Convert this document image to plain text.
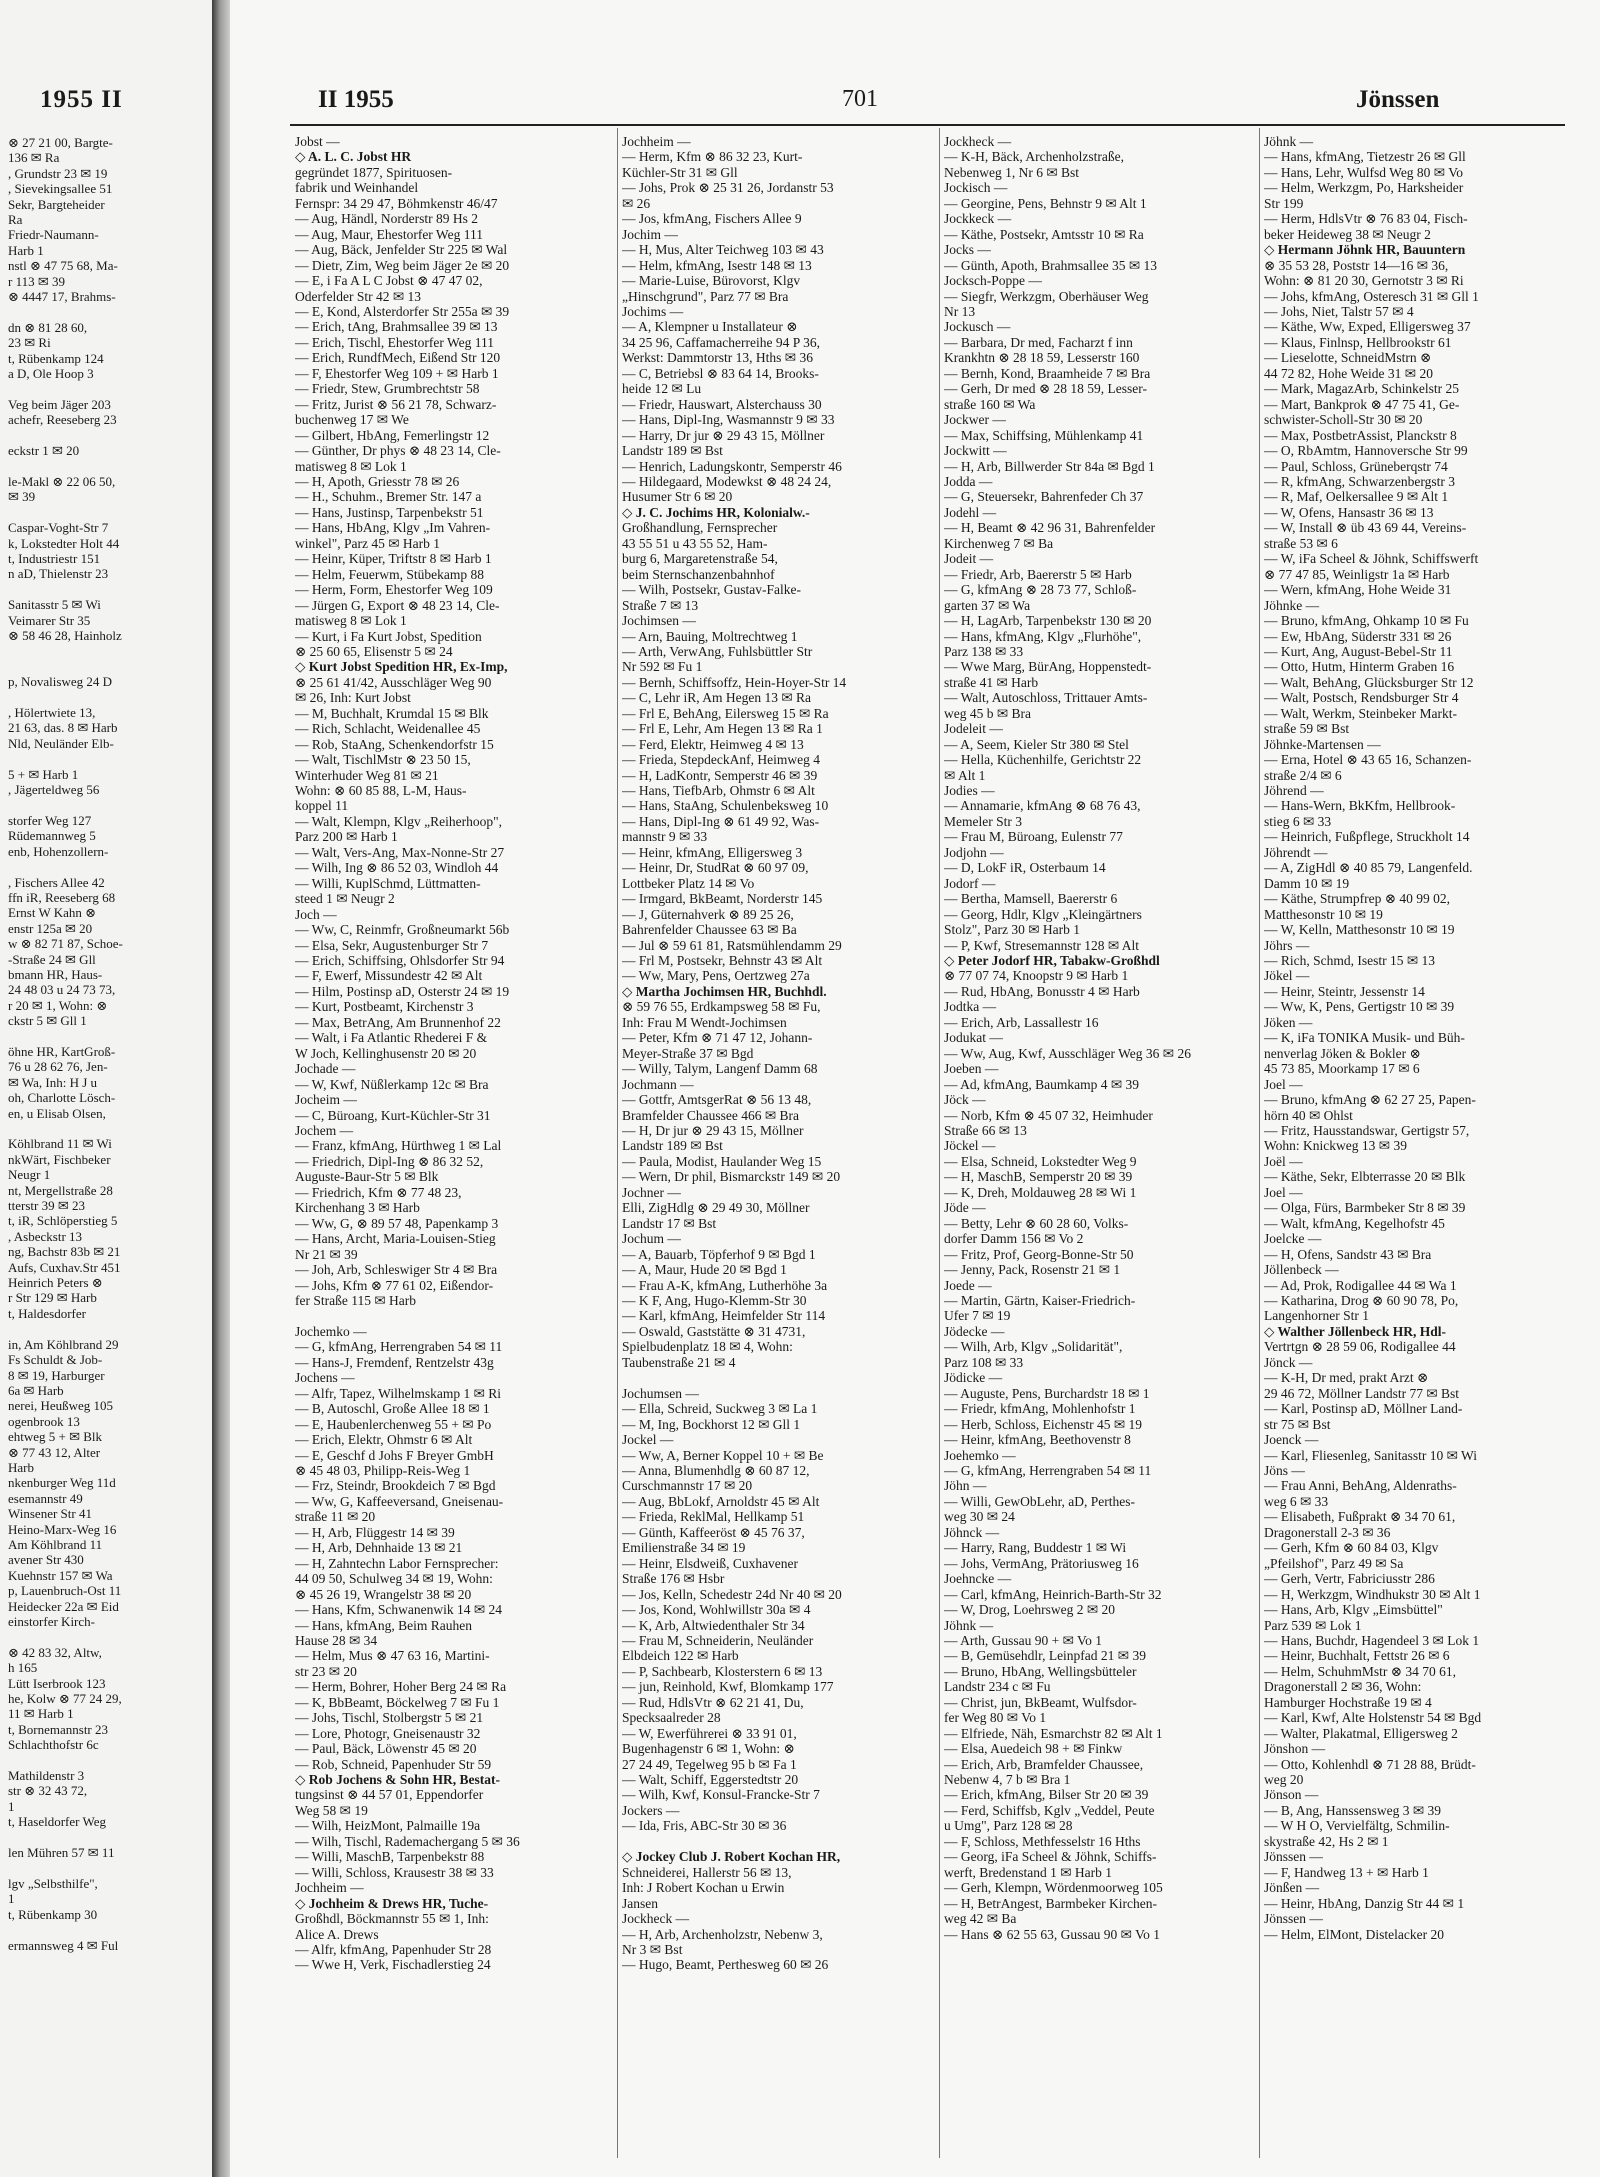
1955 II
⊗ 27 21 00, Bargte-
136 ✉ Ra
, Grundstr 23 ✉ 19
, Sievekingsallee 51
Sekr, Bargteheider
Ra
Friedr-Naumann-
Harb 1
nstl ⊗ 47 75 68, Ma-
r 113 ✉ 39
⊗ 4447 17, Brahms-

dn ⊗ 81 28 60,
23 ✉ Ri
t, Rübenkamp 124
a D, Ole Hoop 3

Veg beim Jäger 203
achefr, Reeseberg 23

eckstr 1 ✉ 20

le-Makl ⊗ 22 06 50,
✉ 39

Caspar-Voght-Str 7
k, Lokstedter Holt 44
t, Industriestr 151
n aD, Thielenstr 23

Sanitasstr 5 ✉ Wi
Veimarer Str 35
⊗ 58 46 28, Hainholz

p, Novalisweg 24 D

, Hölertwiete 13,
21 63, das. 8 ✉ Harb
Nld, Neuländer Elb-

5 + ✉ Harb 1
, Jägerteldweg 56

storfer Weg 127
Rüdemannweg 5
enb, Hohenzollern-

, Fischers Allee 42
ffn iR, Reeseberg 68
Ernst W Kahn ⊗
enstr 125a ✉ 20
w ⊗ 82 71 87, Schoe-
-Straße 24 ✉ Gll
bmann HR, Haus-
24 48 03 u 24 73 73,
r 20 ✉ 1, Wohn: ⊗
ckstr 5 ✉ Gll 1

öhne HR, KartGroß-
76 u 28 62 76, Jen-
✉ Wa, Inh: H J u
oh, Charlotte Lösch-
en, u Elisab Olsen,

Köhlbrand 11 ✉ Wi
nkWärt, Fischbeker
Neugr 1
nt, Mergellstraße 28
tterstr 39 ✉ 23
t, iR, Schlöperstieg 5
, Asbeckstr 13
ng, Bachstr 83b ✉ 21
Aufs, Cuxhav.Str 451
Heinrich Peters ⊗
r Str 129 ✉ Harb
t, Haldesdorfer

in, Am Köhlbrand 29
Fs Schuldt & Job-
8 ✉ 19, Harburger
6a ✉ Harb
nerei, Heußweg 105
ogenbrook 13
ehtweg 5 + ✉ Blk
⊗ 77 43 12, Alter
Harb
nkenburger Weg 11d
esemannstr 49
Winsener Str 41
Heino-Marx-Weg 16
Am Köhlbrand 11
avener Str 430
Kuehnstr 157 ✉ Wa
p, Lauenbruch-Ost 11
Heidecker 22a ✉ Eid
einstorfer Kirch-

⊗ 42 83 32, Altw,
h 165
Lütt Iserbrook 123
he, Kolw ⊗ 77 24 29,
11 ✉ Harb 1
t, Bornemannstr 23
Schlachthofstr 6c

Mathildenstr 3
str ⊗ 32 43 72,
1
t, Haseldorfer Weg

len Mühren 57 ✉ 11

lgv „Selbsthilfe",
1
t, Rübenkamp 30

ermannsweg 4 ✉ Ful
II 1955	701	Jönssen
Jobst —
◇ A. L. C. Jobst HR
gegründet 1877, Spirituosen-
fabrik und Weinhandel
Fernspr: 34 29 47, Böhmkenstr 46/47
— Aug, Händl, Norderstr 89 Hs 2
— Aug, Maur, Ehestorfer Weg 111
— Aug, Bäck, Jenfelder Str 225 ✉ Wal
— Dietr, Zim, Weg beim Jäger 2e ✉ 20
— E, i Fa A L C Jobst ⊗ 47 47 02,
Oderfelder Str 42 ✉ 13
— E, Kond, Alsterdorfer Str 255a ✉ 39
— Erich, tAng, Brahmsallee 39 ✉ 13
— Erich, Tischl, Ehestorfer Weg 111
— Erich, RundfMech, Eißend Str 120
— F, Ehestorfer Weg 109 + ✉ Harb 1
— Friedr, Stew, Grumbrechtstr 58
— Fritz, Jurist ⊗ 56 21 78, Schwarz-
buchenweg 17 ✉ We
— Gilbert, HbAng, Femerlingstr 12
— Günther, Dr phys ⊗ 48 23 14, Cle-
matisweg 8 ✉ Lok 1
— H, Apoth, Griesstr 78 ✉ 26
— H., Schuhm., Bremer Str. 147 a
— Hans, Justinsp, Tarpenbekstr 51
— Hans, HbAng, Klgv „Im Vahren-
winkel", Parz 45 ✉ Harb 1
— Heinr, Küper, Triftstr 8 ✉ Harb 1
— Helm, Feuerwm, Stübekamp 88
— Herm, Form, Ehestorfer Weg 109
— Jürgen G, Export ⊗ 48 23 14, Cle-
matisweg 8 ✉ Lok 1
— Kurt, i Fa Kurt Jobst, Spedition
⊗ 25 60 65, Elisenstr 5 ✉ 24
◇ Kurt Jobst Spedition HR, Ex-Imp,
⊗ 25 61 41/42, Ausschläger Weg 90
✉ 26, Inh: Kurt Jobst
— M, Buchhalt, Krumdal 15 ✉ Blk
— Rich, Schlacht, Weidenallee 45
— Rob, StaAng, Schenkendorfstr 15
— Walt, TischlMstr ⊗ 23 50 15,
Winterhuder Weg 81 ✉ 21
Wohn: ⊗ 60 85 88, L-M, Haus-
koppel 11
— Walt, Klempn, Klgv „Reiherhoop",
Parz 200 ✉ Harb 1
— Walt, Vers-Ang, Max-Nonne-Str 27
— Wilh, Ing ⊗ 86 52 03, Windloh 44
— Willi, KuplSchmd, Lüttmatten-
steed 1 ✉ Neugr 2
Joch —
— Ww, C, Reinmfr, Großneumarkt 56b
— Elsa, Sekr, Augustenburger Str 7
— Erich, Schiffsing, Ohlsdorfer Str 94
— F, Ewerf, Missundestr 42 ✉ Alt
— Hilm, Postinsp aD, Osterstr 24 ✉ 19
— Kurt, Postbeamt, Kirchenstr 3
— Max, BetrAng, Am Brunnenhof 22
— Walt, i Fa Atlantic Rhederei F &
W Joch, Kellinghusenstr 20 ✉ 20
Jochade —
— W, Kwf, Nüßlerkamp 12c ✉ Bra
Jocheim —
— C, Büroang, Kurt-Küchler-Str 31
Jochem —
— Franz, kfmAng, Hürthweg 1 ✉ Lal
— Friedrich, Dipl-Ing ⊗ 86 32 52,
Auguste-Baur-Str 5 ✉ Blk
— Friedrich, Kfm ⊗ 77 48 23,
Kirchenhang 3 ✉ Harb
— Ww, G, ⊗ 89 57 48, Papenkamp 3
— Hans, Archt, Maria-Louisen-Stieg
Nr 21 ✉ 39
— Joh, Arb, Schleswiger Str 4 ✉ Bra
— Johs, Kfm ⊗ 77 61 02, Eißendor-
fer Straße 115 ✉ Harb

Jochemko —
— G, kfmAng, Herrengraben 54 ✉ 11
— Hans-J, Fremdenf, Rentzelstr 43g
Jochens —
— Alfr, Tapez, Wilhelmskamp 1 ✉ Ri
— B, Autoschl, Große Allee 18 ✉ 1
— E, Haubenlerchenweg 55 + ✉ Po
— Erich, Elektr, Ohmstr 6 ✉ Alt
— E, Geschf d Johs F Breyer GmbH
⊗ 45 48 03, Philipp-Reis-Weg 1
— Frz, Steindr, Brookdeich 7 ✉ Bgd
— Ww, G, Kaffeeversand, Gneisenau-
straße 11 ✉ 20
— H, Arb, Flüggestr 14 ✉ 39
— H, Arb, Dehnhaide 13 ✉ 21
— H, Zahntechn Labor Fernsprecher:
44 09 50, Schulweg 34 ✉ 19, Wohn:
⊗ 45 26 19, Wrangelstr 38 ✉ 20
— Hans, Kfm, Schwanenwik 14 ✉ 24
— Hans, kfmAng, Beim Rauhen
Hause 28 ✉ 34
— Helm, Mus ⊗ 47 63 16, Martini-
str 23 ✉ 20
— Herm, Bohrer, Hoher Berg 24 ✉ Ra
— K, BbBeamt, Böckelweg 7 ✉ Fu 1
— Johs, Tischl, Stolbergstr 5 ✉ 21
— Lore, Photogr, Gneisenaustr 32
— Paul, Bäck, Löwenstr 45 ✉ 20
— Rob, Schneid, Papenhuder Str 59
◇ Rob Jochens & Sohn HR, Bestat-
tungsinst ⊗ 44 57 01, Eppendorfer
Weg 58 ✉ 19
— Wilh, HeizMont, Palmaille 19a
— Wilh, Tischl, Rademachergang 5 ✉ 36
— Willi, MaschB, Tarpenbekstr 88
— Willi, Schloss, Krausestr 38 ✉ 33
Jochheim —
◇ Jochheim & Drews HR, Tuche-
Großhdl, Böckmannstr 55 ✉ 1, Inh:
Alice A. Drews
— Alfr, kfmAng, Papenhuder Str 28
— Wwe H, Verk, Fischadlerstieg 24
Jochheim —
— Herm, Kfm ⊗ 86 32 23, Kurt-
Küchler-Str 31 ✉ Gll
— Johs, Prok ⊗ 25 31 26, Jordanstr 53
✉ 26
— Jos, kfmAng, Fischers Allee 9
Jochim —
— H, Mus, Alter Teichweg 103 ✉ 43
— Helm, kfmAng, Isestr 148 ✉ 13
— Marie-Luise, Bürovorst, Klgv
„Hinschgrund", Parz 77 ✉ Bra
Jochims —
— A, Klempner u Installateur ⊗
34 25 96, Caffamacherreihe 94 P 36,
Werkst: Dammtorstr 13, Hths ✉ 36
— C, Betriebsl ⊗ 83 64 14, Brooks-
heide 12 ✉ Lu
— Friedr, Hauswart, Alsterchauss 30
— Hans, Dipl-Ing, Wasmannstr 9 ✉ 33
— Harry, Dr jur ⊗ 29 43 15, Möllner
Landstr 189 ✉ Bst
— Henrich, Ladungskontr, Semperstr 46
— Hildegaard, Modewkst ⊗ 48 24 24,
Husumer Str 6 ✉ 20
◇ J. C. Jochims HR, Kolonialw.-
Großhandlung, Fernsprecher
43 55 51 u 43 55 52, Ham-
burg 6, Margaretenstraße 54,
beim Sternschanzenbahnhof
— Wilh, Postsekr, Gustav-Falke-
Straße 7 ✉ 13
Jochimsen —
— Arn, Bauing, Moltrechtweg 1
— Arth, VerwAng, Fuhlsbüttler Str
Nr 592 ✉ Fu 1
— Bernh, Schiffsoffz, Hein-Hoyer-Str 14
— C, Lehr iR, Am Hegen 13 ✉ Ra
— Frl E, BehAng, Eilersweg 15 ✉ Ra
— Frl E, Lehr, Am Hegen 13 ✉ Ra 1
— Ferd, Elektr, Heimweg 4 ✉ 13
— Frieda, StepdeckAnf, Heimweg 4
— H, LadKontr, Semperstr 46 ✉ 39
— Hans, TiefbArb, Ohmstr 6 ✉ Alt
— Hans, StaAng, Schulenbeksweg 10
— Hans, Dipl-Ing ⊗ 61 49 92, Was-
mannstr 9 ✉ 33
— Heinr, kfmAng, Elligersweg 3
— Heinr, Dr, StudRat ⊗ 60 97 09,
Lottbeker Platz 14 ✉ Vo
— Irmgard, BkBeamt, Norderstr 145
— J, Güternahverk ⊗ 89 25 26,
Bahrenfelder Chaussee 63 ✉ Ba
— Jul ⊗ 59 61 81, Ratsmühlendamm 29
— Frl M, Postsekr, Behnstr 43 ✉ Alt
— Ww, Mary, Pens, Oertzweg 27a
◇ Martha Jochimsen HR, Buchhdl.
⊗ 59 76 55, Erdkampsweg 58 ✉ Fu,
Inh: Frau M Wendt-Jochimsen
— Peter, Kfm ⊗ 71 47 12, Johann-
Meyer-Straße 37 ✉ Bgd
— Willy, Talym, Langenf Damm 68
Jochmann —
— Gottfr, AmtsgerRat ⊗ 56 13 48,
Bramfelder Chaussee 466 ✉ Bra
— H, Dr jur ⊗ 29 43 15, Möllner
Landstr 189 ✉ Bst
— Paula, Modist, Haulander Weg 15
— Wern, Dr phil, Bismarckstr 149 ✉ 20
Jochner —
Elli, ZigHdlg ⊗ 29 49 30, Möllner
Landstr 17 ✉ Bst
Jochum —
— A, Bauarb, Töpferhof 9 ✉ Bgd 1
— A, Maur, Hude 20 ✉ Bgd 1
— Frau A-K, kfmAng, Lutherhöhe 3a
— K F, Ang, Hugo-Klemm-Str 30
— Karl, kfmAng, Heimfelder Str 114
— Oswald, Gaststätte ⊗ 31 4731,
Spielbudenplatz 18 ✉ 4, Wohn:
Taubenstraße 21 ✉ 4

Jochumsen —
— Ella, Schreid, Suckweg 3 ✉ La 1
— M, Ing, Bockhorst 12 ✉ Gll 1
Jockel —
— Ww, A, Berner Koppel 10 + ✉ Be
— Anna, Blumenhdlg ⊗ 60 87 12,
Curschmannstr 17 ✉ 20
— Aug, BbLokf, Arnoldstr 45 ✉ Alt
— Frieda, ReklMal, Hellkamp 51
— Günth, Kaffeeröst ⊗ 45 76 37,
Emilienstraße 34 ✉ 19
— Heinr, Elsdweiß, Cuxhavener
Straße 176 ✉ Hsbr
— Jos, Kelln, Schedestr 24d Nr 40 ✉ 20
— Jos, Kond, Wohlwillstr 30a ✉ 4
— K, Arb, Altwiedenthaler Str 34
— Frau M, Schneiderin, Neuländer
Elbdeich 122 ✉ Harb
— P, Sachbearb, Klosterstern 6 ✉ 13
— jun, Reinhold, Kwf, Blomkamp 177
— Rud, HdlsVtr ⊗ 62 21 41, Du,
Specksaalreder 28
— W, Ewerführerei ⊗ 33 91 01,
Bugenhagenstr 6 ✉ 1, Wohn: ⊗
27 24 49, Tegelweg 95 b ✉ Fa 1
— Walt, Schiff, Eggerstedtstr 20
— Wilh, Kwf, Konsul-Francke-Str 7
Jockers —
— Ida, Fris, ABC-Str 30 ✉ 36

◇ Jockey Club J. Robert Kochan HR,
Schneiderei, Hallerstr 56 ✉ 13,
Inh: J Robert Kochan u Erwin
Jansen
Jockheck —
— H, Arb, Archenholzstr, Nebenw 3,
Nr 3 ✉ Bst
— Hugo, Beamt, Perthesweg 60 ✉ 26
Jockheck —
— K-H, Bäck, Archenholzstraße,
Nebenweg 1, Nr 6 ✉ Bst
Jockisch —
— Georgine, Pens, Behnstr 9 ✉ Alt 1
Jockkeck —
— Käthe, Postsekr, Amtsstr 10 ✉ Ra
Jocks —
— Günth, Apoth, Brahmsallee 35 ✉ 13
Jocksch-Poppe —
— Siegfr, Werkzgm, Oberhäuser Weg
Nr 13
Jockusch —
— Barbara, Dr med, Facharzt f inn
Krankhtn ⊗ 28 18 59, Lesserstr 160
— Bernh, Kond, Braamheide 7 ✉ Bra
— Gerh, Dr med ⊗ 28 18 59, Lesser-
straße 160 ✉ Wa
Jockwer —
— Max, Schiffsing, Mühlenkamp 41
Jockwitt —
— H, Arb, Billwerder Str 84a ✉ Bgd 1
Jodda —
— G, Steuersekr, Bahrenfeder Ch 37
Jodehl —
— H, Beamt ⊗ 42 96 31, Bahrenfelder
Kirchenweg 7 ✉ Ba
Jodeit —
— Friedr, Arb, Baererstr 5 ✉ Harb
— G, kfmAng ⊗ 28 73 77, Schloß-
garten 37 ✉ Wa
— H, LagArb, Tarpenbekstr 130 ✉ 20
— Hans, kfmAng, Klgv „Flurhöhe",
Parz 138 ✉ 33
— Wwe Marg, BürAng, Hoppenstedt-
straße 41 ✉ Harb
— Walt, Autoschloss, Trittauer Amts-
weg 45 b ✉ Bra
Jodeleit —
— A, Seem, Kieler Str 380 ✉ Stel
— Hella, Küchenhilfe, Gerichtstr 22
✉ Alt 1
Jodies —
— Annamarie, kfmAng ⊗ 68 76 43,
Memeler Str 3
— Frau M, Büroang, Eulenstr 77
Jodjohn —
— D, LokF iR, Osterbaum 14
Jodorf —
— Bertha, Mamsell, Baererstr 6
— Georg, Hdlr, Klgv „Kleingärtners
Stolz", Parz 30 ✉ Harb 1
— P, Kwf, Stresemannstr 128 ✉ Alt
◇ Peter Jodorf HR, Tabakw-Großhdl
⊗ 77 07 74, Knoopstr 9 ✉ Harb 1
— Rud, HbAng, Bonusstr 4 ✉ Harb
Jodtka —
— Erich, Arb, Lassallestr 16
Jodukat —
— Ww, Aug, Kwf, Ausschläger Weg 36 ✉ 26
Joeben —
— Ad, kfmAng, Baumkamp 4 ✉ 39
Jöck —
— Norb, Kfm ⊗ 45 07 32, Heimhuder
Straße 66 ✉ 13
Jöckel —
— Elsa, Schneid, Lokstedter Weg 9
— H, MaschB, Semperstr 20 ✉ 39
— K, Dreh, Moldauweg 28 ✉ Wi 1
Jöde —
— Betty, Lehr ⊗ 60 28 60, Volks-
dorfer Damm 156 ✉ Vo 2
— Fritz, Prof, Georg-Bonne-Str 50
— Jenny, Pack, Rosenstr 21 ✉ 1
Joede —
— Martin, Gärtn, Kaiser-Friedrich-
Ufer 7 ✉ 19
Jödecke —
— Wilh, Arb, Klgv „Solidarität",
Parz 108 ✉ 33
Jödicke —
— Auguste, Pens, Burchardstr 18 ✉ 1
— Friedr, kfmAng, Mohlenhofstr 1
— Herb, Schloss, Eichenstr 45 ✉ 19
— Heinr, kfmAng, Beethovenstr 8
Joehemko —
— G, kfmAng, Herrengraben 54 ✉ 11
Jöhn —
— Willi, GewObLehr, aD, Perthes-
weg 30 ✉ 24
Jöhnck —
— Harry, Rang, Buddestr 1 ✉ Wi
— Johs, VermAng, Prätoriusweg 16
Joehncke —
— Carl, kfmAng, Heinrich-Barth-Str 32
— W, Drog, Loehrsweg 2 ✉ 20
Jöhnk —
— Arth, Gussau 90 + ✉ Vo 1
— B, Gemüsehdlr, Leinpfad 21 ✉ 39
— Bruno, HbAng, Wellingsbütteler
Landstr 234 c ✉ Fu
— Christ, jun, BkBeamt, Wulfsdor-
fer Weg 80 ✉ Vo 1
— Elfriede, Näh, Esmarchstr 82 ✉ Alt 1
— Elsa, Auedeich 98 + ✉ Finkw
— Erich, Arb, Bramfelder Chaussee,
Nebenw 4, 7 b ✉ Bra 1
— Erich, kfmAng, Bilser Str 20 ✉ 39
— Ferd, Schiffsb, Kglv „Veddel, Peute
u Umg", Parz 128 ✉ 28
— F, Schloss, Methfesselstr 16 Hths
— Georg, iFa Scheel & Jöhnk, Schiffs-
werft, Bredenstand 1 ✉ Harb 1
— Gerh, Klempn, Wördenmoorweg 105
— H, BetrAngest, Barmbeker Kirchen-
weg 42 ✉ Ba
— Hans ⊗ 62 55 63, Gussau 90 ✉ Vo 1
Jöhnk —
— Hans, kfmAng, Tietzestr 26 ✉ Gll
— Hans, Lehr, Wulfsd Weg 80 ✉ Vo
— Helm, Werkzgm, Po, Harksheider
Str 199
— Herm, HdlsVtr ⊗ 76 83 04, Fisch-
beker Heideweg 38 ✉ Neugr 2
◇ Hermann Jöhnk HR, Bauuntern
⊗ 35 53 28, Poststr 14—16 ✉ 36,
Wohn: ⊗ 81 20 30, Gernotstr 3 ✉ Ri
— Johs, kfmAng, Osteresch 31 ✉ Gll 1
— Johs, Niet, Talstr 57 ✉ 4
— Käthe, Ww, Exped, Elligersweg 37
— Klaus, Finlnsp, Hellbrookstr 61
— Lieselotte, SchneidMstrn ⊗
44 72 82, Hohe Weide 31 ✉ 20
— Mark, MagazArb, Schinkelstr 25
— Mart, Bankprok ⊗ 47 75 41, Ge-
schwister-Scholl-Str 30 ✉ 20
— Max, PostbetrAssist, Planckstr 8
— O, RbAmtm, Hannoversche Str 99
— Paul, Schloss, Grüneberqstr 74
— R, kfmAng, Schwarzenbergstr 3
— R, Maf, Oelkersallee 9 ✉ Alt 1
— W, Ofens, Hansastr 36 ✉ 13
— W, Install ⊗ üb 43 69 44, Vereins-
straße 53 ✉ 6
— W, iFa Scheel & Jöhnk, Schiffswerft
⊗ 77 47 85, Weinligstr 1a ✉ Harb
— Wern, kfmAng, Hohe Weide 31
Jöhnke —
— Bruno, kfmAng, Ohkamp 10 ✉ Fu
— Ew, HbAng, Süderstr 331 ✉ 26
— Kurt, Ang, August-Bebel-Str 11
— Otto, Hutm, Hinterm Graben 16
— Walt, BehAng, Glücksburger Str 12
— Walt, Postsch, Rendsburger Str 4
— Walt, Werkm, Steinbeker Markt-
straße 59 ✉ Bst
Jöhnke-Martensen —
— Erna, Hotel ⊗ 43 65 16, Schanzen-
straße 2/4 ✉ 6
Jöhrend —
— Hans-Wern, BkKfm, Hellbrook-
stieg 6 ✉ 33
— Heinrich, Fußpflege, Struckholt 14
Jöhrendt —
— A, ZigHdl ⊗ 40 85 79, Langenfeld.
Damm 10 ✉ 19
— Käthe, Strumpfrep ⊗ 40 99 02,
Matthesonstr 10 ✉ 19
— W, Kelln, Matthesonstr 10 ✉ 19
Jöhrs —
— Rich, Schmd, Isestr 15 ✉ 13
Jökel —
— Heinr, Steintr, Jessenstr 14
— Ww, K, Pens, Gertigstr 10 ✉ 39
Jöken —
— K, iFa TONIKA Musik- und Büh-
nenverlag Jöken & Bokler ⊗
45 73 85, Moorkamp 17 ✉ 6
Joel —
— Bruno, kfmAng ⊗ 62 27 25, Papen-
hörn 40 ✉ Ohlst
— Fritz, Hausstandswar, Gertigstr 57,
Wohn: Knickweg 13 ✉ 39
Joël —
— Käthe, Sekr, Elbterrasse 20 ✉ Blk
Joel —
— Olga, Fürs, Barmbeker Str 8 ✉ 39
— Walt, kfmAng, Kegelhofstr 45
Joelcke —
— H, Ofens, Sandstr 43 ✉ Bra
Jöllenbeck —
— Ad, Prok, Rodigallee 44 ✉ Wa 1
— Katharina, Drog ⊗ 60 90 78, Po,
Langenhorner Str 1
◇ Walther Jöllenbeck HR, Hdl-
Vertrtgn ⊗ 28 59 06, Rodigallee 44
Jönck —
— K-H, Dr med, prakt Arzt ⊗
29 46 72, Möllner Landstr 77 ✉ Bst
— Karl, Postinsp aD, Möllner Land-
str 75 ✉ Bst
Joenck —
— Karl, Fliesenleg, Sanitasstr 10 ✉ Wi
Jöns —
— Frau Anni, BehAng, Aldenraths-
weg 6 ✉ 33
— Elisabeth, Fußprakt ⊗ 34 70 61,
Dragonerstall 2-3 ✉ 36
— Gerh, Kfm ⊗ 60 84 03, Klgv
„Pfeilshof", Parz 49 ✉ Sa
— Gerh, Vertr, Fabriciusstr 286
— H, Werkzgm, Windhukstr 30 ✉ Alt 1
— Hans, Arb, Klgv „Eimsbüttel"
Parz 539 ✉ Lok 1
— Hans, Buchdr, Hagendeel 3 ✉ Lok 1
— Heinr, Buchhalt, Fettstr 26 ✉ 6
— Helm, SchuhmMstr ⊗ 34 70 61,
Dragonerstall 2 ✉ 36, Wohn:
Hamburger Hochstraße 19 ✉ 4
— Karl, Kwf, Alte Holstenstr 54 ✉ Bgd
— Walter, Plakatmal, Elligersweg 2
Jönshon —
— Otto, Kohlenhdl ⊗ 71 28 88, Brüdt-
weg 20
Jönson —
— B, Ang, Hanssensweg 3 ✉ 39
— W H O, Vervielfältg, Schmilin-
skystraße 42, Hs 2 ✉ 1
Jönssen —
— F, Handweg 13 + ✉ Harb 1
Jönßen —
— Heinr, HbAng, Danzig Str 44 ✉ 1
Jönssen —
— Helm, ElMont, Distelacker 20
